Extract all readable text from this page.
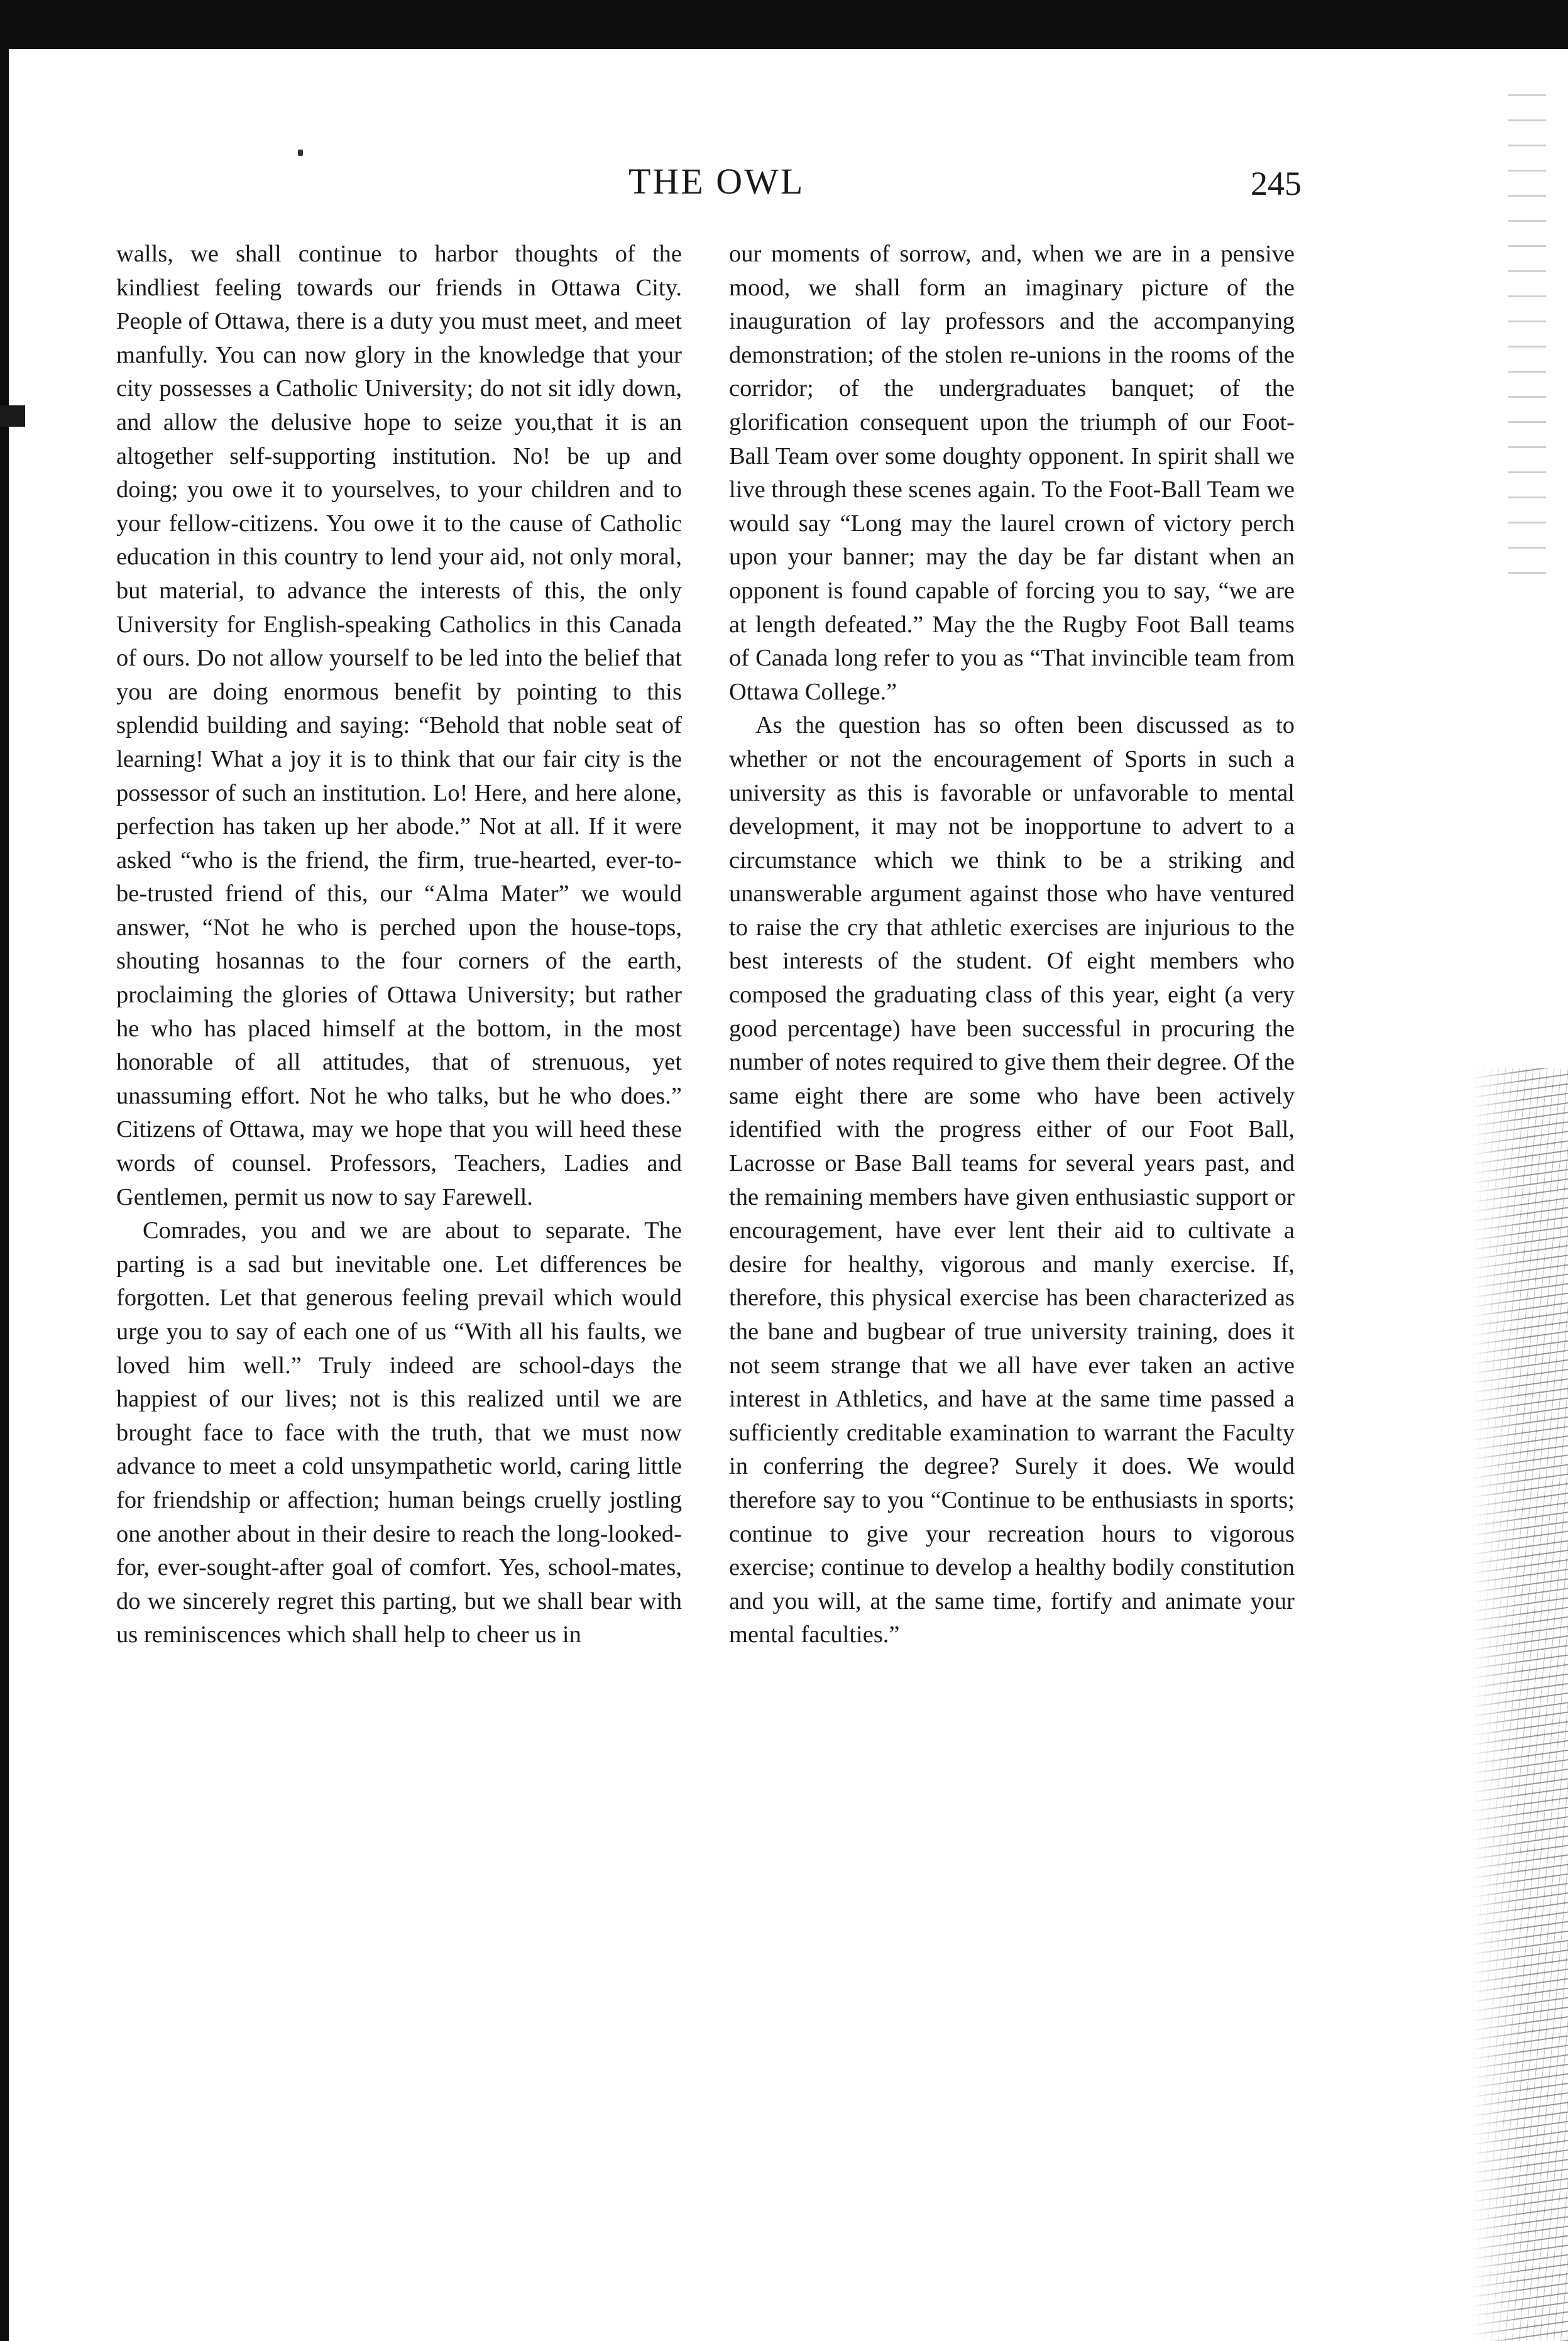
THE OWL	245

walls, we shall continue to harbor thoughts of the kindliest feeling towards our friends in Ottawa City. People of Ottawa, there is a duty you must meet, and meet manfully. You can now glory in the knowledge that your city possesses a Catholic University; do not sit idly down, and allow the delusive hope to seize you,that it is an altogether self-supporting institution. No! be up and doing; you owe it to yourselves, to your children and to your fellow-citizens. You owe it to the cause of Catholic education in this country to lend your aid, not only moral, but material, to advance the interests of this, the only University for English-speaking Catholics in this Canada of ours. Do not allow yourself to be led into the belief that you are doing enormous benefit by pointing to this splendid building and saying: “Behold that noble seat of learning! What a joy it is to think that our fair city is the possessor of such an institution. Lo! Here, and here alone, perfection has taken up her abode.” Not at all. If it were asked “who is the friend, the firm, true-hearted, ever-to-be-trusted friend of this, our “Alma Mater” we would answer, “Not he who is perched upon the house-tops, shouting hosannas to the four corners of the earth, proclaiming the glories of Ottawa University; but rather he who has placed himself at the bottom, in the most honorable of all attitudes, that of strenuous, yet unassuming effort. Not he who talks, but he who does.” Citizens of Ottawa, may we hope that you will heed these words of counsel. Professors, Teachers, Ladies and Gentlemen, permit us now to say Farewell.

Comrades, you and we are about to separate. The parting is a sad but inevitable one. Let differences be forgotten. Let that generous feeling prevail which would urge you to say of each one of us “With all his faults, we loved him well.” Truly indeed are school-days the happiest of our lives; not is this realized until we are brought face to face with the truth, that we must now advance to meet a cold unsympathetic world, caring little for friendship or affection; human beings cruelly jostling one another about in their desire to reach the long-looked-for, ever-sought-after goal of comfort. Yes, school-mates, do we sincerely regret this parting, but we shall bear with us reminiscences which shall help to cheer us in

our moments of sorrow, and, when we are in a pensive mood, we shall form an imaginary picture of the inauguration of lay professors and the accompanying demonstration; of the stolen re-unions in the rooms of the corridor; of the undergraduates banquet; of the glorification consequent upon the triumph of our Foot-Ball Team over some doughty opponent. In spirit shall we live through these scenes again. To the Foot-Ball Team we would say “Long may the laurel crown of victory perch upon your banner; may the day be far distant when an opponent is found capable of forcing you to say, “we are at length defeated.” May the the Rugby Foot Ball teams of Canada long refer to you as “That invincible team from Ottawa College.”

As the question has so often been discussed as to whether or not the encouragement of Sports in such a university as this is favorable or unfavorable to mental development, it may not be inopportune to advert to a circumstance which we think to be a striking and unanswerable argument against those who have ventured to raise the cry that athletic exercises are injurious to the best interests of the student. Of eight members who composed the graduating class of this year, eight (a very good percentage) have been successful in procuring the number of notes required to give them their degree. Of the same eight there are some who have been actively identified with the progress either of our Foot Ball, Lacrosse or Base Ball teams for several years past, and the remaining members have given enthusiastic support or encouragement, have ever lent their aid to cultivate a desire for healthy, vigorous and manly exercise. If, therefore, this physical exercise has been characterized as the bane and bugbear of true university training, does it not seem strange that we all have ever taken an active interest in Athletics, and have at the same time passed a sufficiently creditable examination to warrant the Faculty in conferring the degree? Surely it does. We would therefore say to you “Continue to be enthusiasts in sports; continue to give your recreation hours to vigorous exercise; continue to develop a healthy bodily constitution and you will, at the same time, fortify and animate your mental faculties.”
